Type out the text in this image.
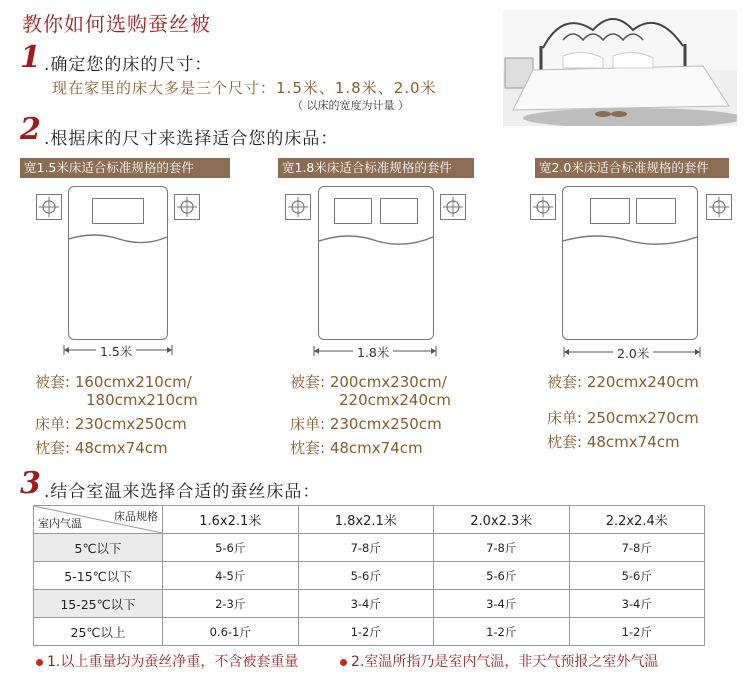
教你如何选购蚕丝被
1 .确定您的床的尺寸：
现在家里的床大多是三个尺寸：1.5米、1.8米、2.0米
（ 以床的宽度为计量 ）
2 .根据床的尺寸来选择适合您的床品：
宽1.5米床适合标准规格的套件
1.5米
被套: 160cmx210cm/
180cmx210cm
床单: 230cmx250cm
枕套: 48cmx74cm
宽1.8米床适合标准规格的套件
1.8米
被套: 200cmx230cm/
220cmx240cm
床单: 230cmx250cm
枕套: 48cmx74cm
宽2.0米床适合标准规格的套件
2.0米
被套: 220cmx240cm
床单: 250cmx270cm
枕套: 48cmx74cm
3 .结合室温来选择合适的蚕丝床品：
床品规格
室内气温	1.6x2.1米	1.8x2.1米	2.0x2.3米	2.2x2.4米
5℃以下	5-6斤	7-8斤	7-8斤	7-8斤
5-15℃以下	4-5斤	5-6斤	5-6斤	5-6斤
15-25℃以下	2-3斤	3-4斤	3-4斤	3-4斤
25℃以上	0.6-1斤	1-2斤	1-2斤	1-2斤
1.以上重量均为蚕丝净重，不含被套重量	2.室温所指乃是室内气温，非天气预报之室外气温
